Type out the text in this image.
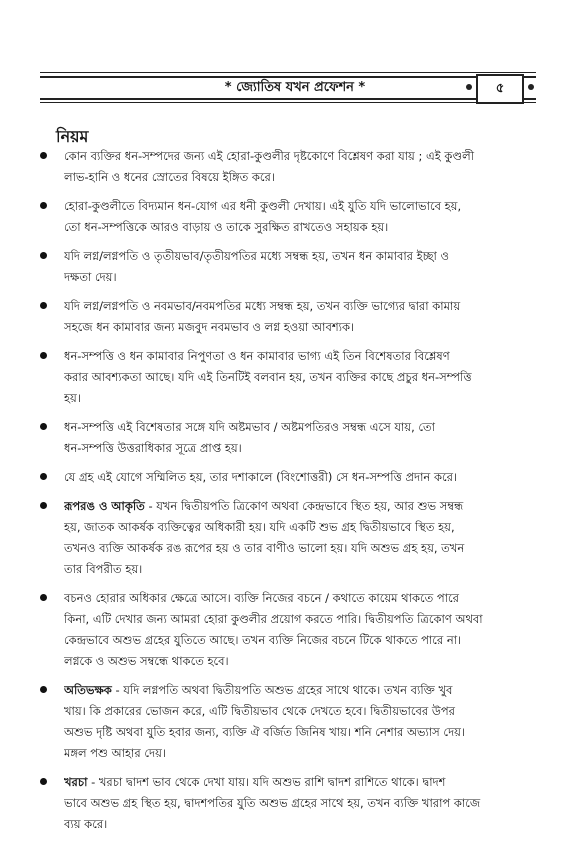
* জ্যোতিষ যখন প্রফেশন *	৫
নিয়ম
কোন ব্যক্তির ধন-সম্পদের জন্য এই হোরা-কুণ্ডলীর দৃষ্টকোণে বিশ্লেষণ করা যায় ; এই কুণ্ডলী
লাভ-হানি ও ধনের স্রোতের বিষয়ে ইঙ্গিত করে।
হোরা-কুণ্ডলীতে বিদ্যমান ধন-যোগ এর ধনী কুণ্ডলী দেখায়। এই যুতি যদি ভালোভাবে হয়,
তো ধন-সম্পত্তিকে আরও বাড়ায় ও তাকে সুরক্ষিত রাখতেও সহায়ক হয়।
যদি লগ্ন/লগ্নপতি ও তৃতীয়ভাব/তৃতীয়পতির মধ্যে সম্বন্ধ হয়, তখন ধন কামাবার ইচ্ছা ও
দক্ষতা দেয়।
যদি লগ্ন/লগ্নপতি ও নবমভাব/নবমপতির মধ্যে সম্বন্ধ হয়, তখন ব্যক্তি ভাগ্যের দ্বারা কামায়
সহজে ধন কামাবার জন্য মজবুদ নবমভাব ও লগ্ন হওয়া আবশ্যক।
ধন-সম্পত্তি ও ধন কামাবার নিপুণতা ও ধন কামাবার ভাগ্য এই তিন বিশেষতার বিশ্লেষণ
করার আবশ্যকতা আছে। যদি এই তিনটিই বলবান হয়, তখন ব্যক্তির কাছে প্রচুর ধন-সম্পত্তি
হয়।
ধন-সম্পত্তি এই বিশেষতার সঙ্গে যদি অষ্টমভাব / অষ্টমপতিরও সম্বন্ধ এসে যায়, তো
ধন-সম্পত্তি উত্তরাধিকার সূত্রে প্রাপ্ত হয়।
যে গ্রহ এই যোগে সম্মিলিত হয়, তার দশাকালে (বিংশোত্তরী) সে ধন-সম্পত্তি প্রদান করে।
রূপরঙ ও আকৃতি - যখন দ্বিতীয়পতি ত্রিকোণ অথবা কেন্দ্রভাবে স্থিত হয়, আর শুভ সম্বন্ধ
হয়, জাতক আকর্ষক ব্যক্তিত্বের অধিকারী হয়। যদি একটি শুভ গ্রহ দ্বিতীয়ভাবে স্থিত হয়,
তখনও ব্যক্তি আকর্ষক রঙ রূপের হয় ও তার বাণীও ভালো হয়। যদি অশুভ গ্রহ হয়, তখন
তার বিপরীত হয়।
বচনও হোরার অধিকার ক্ষেত্রে আসে। ব্যক্তি নিজের বচনে / কথাতে কায়েম থাকতে পারে
কিনা, এটি দেখার জন্য আমরা হোরা কুণ্ডলীর প্রয়োগ করতে পারি। দ্বিতীয়পতি ত্রিকোণ অথবা
কেন্দ্রভাবে অশুভ গ্রহের যুতিতে আছে। তখন ব্যক্তি নিজের বচনে টিকে থাকতে পারে না।
লগ্নকে ও অশুভ সম্বন্ধে থাকতে হবে।
অতিভক্ষক - যদি লগ্নপতি অথবা দ্বিতীয়পতি অশুভ গ্রহের সাথে থাকে। তখন ব্যক্তি খুব
খায়। কি প্রকারের ভোজন করে, এটি দ্বিতীয়ভাব থেকে দেখতে হবে। দ্বিতীয়ভাবের উপর
অশুভ দৃষ্টি অথবা যুতি হবার জন্য, ব্যক্তি ঐ বর্জিত জিনিষ খায়। শনি নেশার অভ্যাস দেয়।
মঙ্গল পশু আহার দেয়।
খরচা - খরচা দ্বাদশ ভাব থেকে দেখা যায়। যদি অশুভ রাশি দ্বাদশ রাশিতে থাকে। দ্বাদশ
ভাবে অশুভ গ্রহ স্থিত হয়, দ্বাদশপতির যুতি অশুভ গ্রহের সাথে হয়, তখন ব্যক্তি খারাপ কাজে
ব্যয় করে।
